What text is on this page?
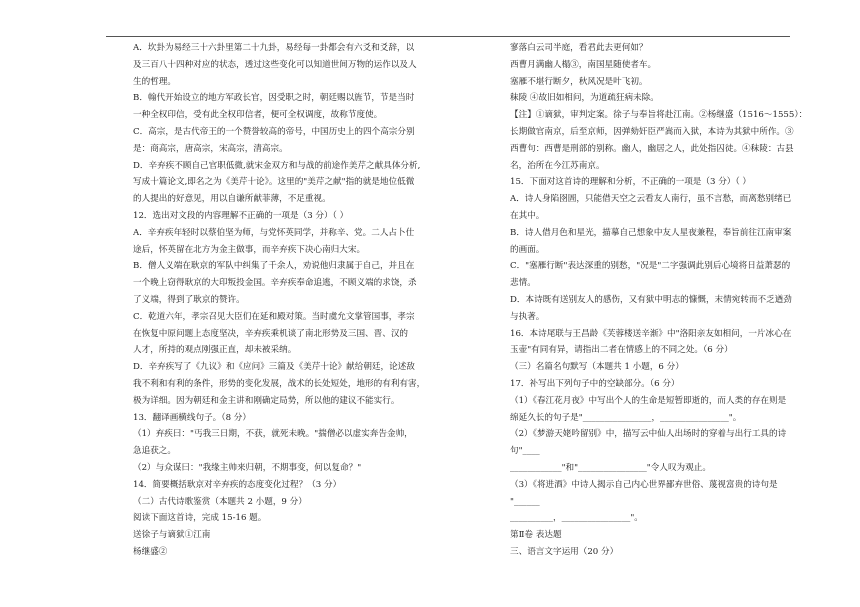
A．坎卦为易经三十六卦里第二十九卦，易经每一卦都会有六爻和爻辞，以

及三百八十四种对应的状态，透过这些变化可以知道世间万物的运作以及人

生的哲理。

B．翰代开始设立的地方军政长官，因受职之时，朝廷赐以旌节，节是当时

一种全权印信，受有此全权印信者，便可全权调度，故称节度使。

C．高宗，是古代帝王的一个赞誉较高的帝号，中国历史上的四个高宗分别

是：商高宗，唐高宗，宋高宗，清高宗。

D．辛弃疾不顾自己官职低微,就宋金双方和与战的前途作美芹之献具体分析,

写成十篇论文,即名之为《美芹十论》。这里的"美芹之献"指的就是地位低微

的人提出的好意见，用以自谦所献菲薄，不足重视。

12．选出对文段的内容理解不正确的一项是（3 分）（ ）

A．辛弃疾年轻时以蔡伯坚为师，与党怀英同学，并称辛、党。二人占卜仕

途后，怀英留在北方为金主做事，而辛弃疾下决心南归大宋。

B．僧人义端在耿京的军队中纠集了千余人，劝说他归隶属于自己，并且在

一个晚上窃得耿京的大印叛投金国。辛弃疾奉命追逃，不顾义端的求饶，杀

了义端，得到了耿京的赞许。

C．乾道六年，孝宗召见大臣们在延和殿对策。当时虞允文掌管国事，孝宗

在恢复中原问题上态度坚决，辛弃疾乘机谈了南北形势及三国、晋、汉的

人才，所持的观点刚强正直，却未被采纳。

D．辛弃疾写了《九议》和《应问》三篇及《美芹十论》献给朝廷，论述敌

我不利和有利的条件，形势的变化发展，战术的长处短处，地形的有利有害，

极为详细。因为朝廷和金主讲和刚确定局势，所以他的建议不能实行。

13．翻译画横线句子。（8 分）

（1）弃疾曰："丐我三日期，不获，就死未晚。"揣僧必以虚实奔告金帅，

急追获之。

（2）与众谋曰："我缘主帅来归朝，不期事变，何以复命？"

14．简要概括耿京对辛弃疾的态度变化过程？（3 分）

（二）古代诗歌鉴赏（本题共 2 小题，9 分）

阅读下面这首诗，完成 15-16 题。

送徐子与谪狱①江南

杨继盛②

寥落白云司半庭，看君此去更何如？

西曹月满幽人榻③，南国星随使者车。

塞雁不堪行断夕，秋风况是叶飞初。

秣陵 ④故旧如相问，为道疏狂病未除。

【注】①谪狱，审判定案。徐子与奉旨将赴江南。②杨继盛（1516～1555）：

长期做官南京，后至京师，因弹劾奸臣严嵩而入狱，本诗为其狱中所作。③

西曹句：西曹是刑部的别称。幽人，幽居之人，此处指囚徒。④秣陵：古县

名，治所在今江苏南京。

15．下面对这首诗的理解和分析，不正确的一项是（3 分）（ ）

A．诗人身陷囹圄，只能借天空之云看友人南行，虽不言愁，而离愁别绪已

在其中。

B．诗人借月色和星光，描摹自己想象中友人星夜兼程，奉旨前往江南审案

的画面。

C．"塞雁行断"表达深重的别愁，"况是"二字强调此别后心境将日益萧瑟的

悲情。

D．本诗既有送别友人的感伤，又有狱中明志的慷慨，末情宛转而不乏遒劲

与执著。

16．本诗尾联与王昌龄《芙蓉楼送辛渐》中"洛阳亲友如相问，一片冰心在

玉壶"有同有异，请指出二者在情感上的不同之处。（6 分）

（三）名篇名句默写（本题共 1 小题，6 分）

17．补写出下列句子中的空缺部分。（6 分）

（1）《春江花月夜》中写出个人的生命是短暂即逝的，而人类的存在则是

绵延久长的句子是"________________，________________"。

（2）《梦游天姥吟留别》中，描写云中仙人出场时的穿着与出行工具的诗

句"____

____________"和"________________"令人叹为观止。

（3）《将进酒》中诗人揭示自己内心世界鄙弃世俗、蔑视富贵的诗句是

"______

__________，________________"。

第Ⅱ卷 表达题

三、语言文字运用（20 分）
